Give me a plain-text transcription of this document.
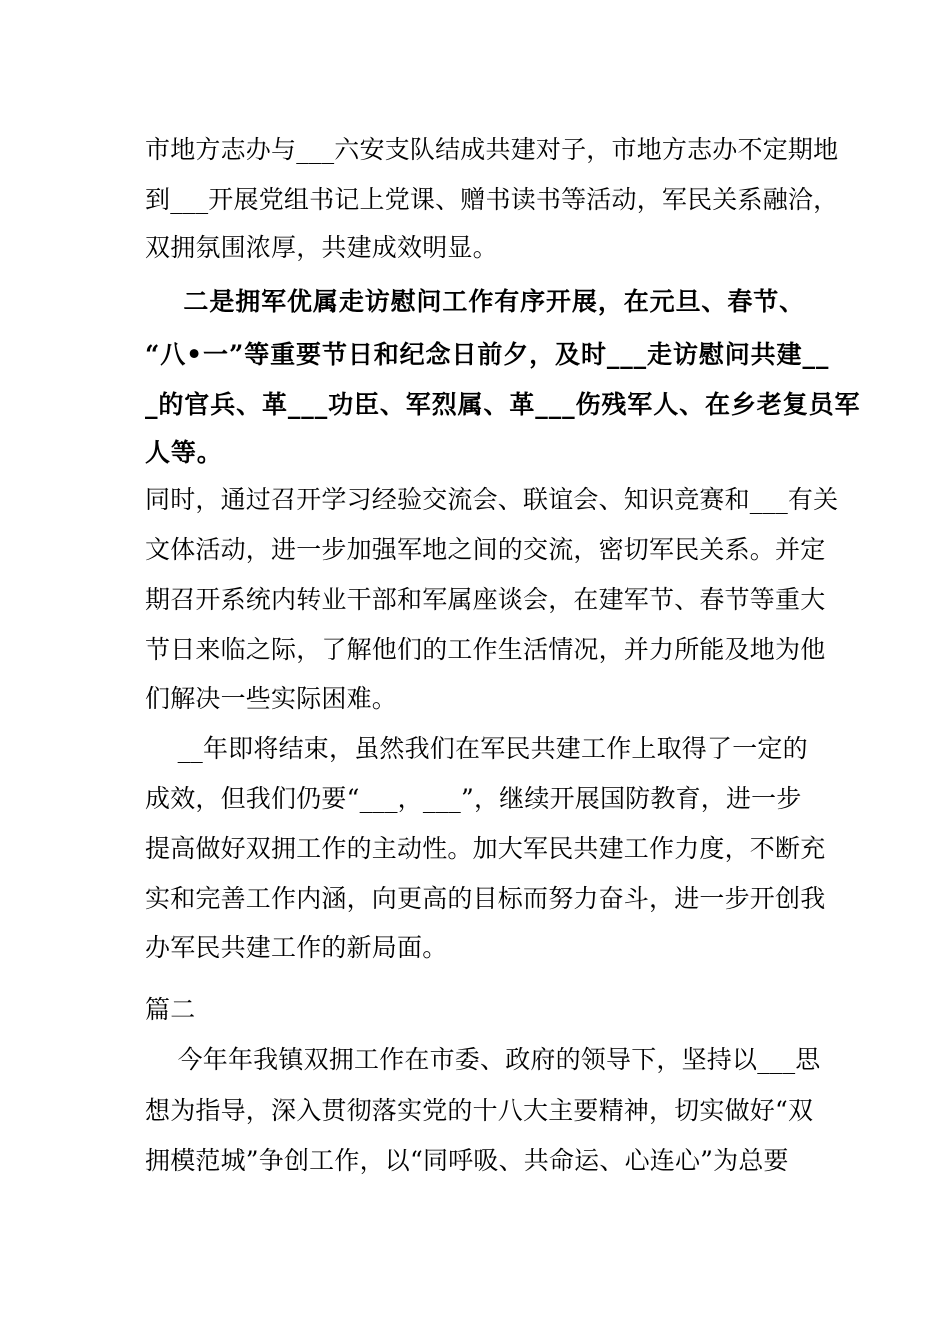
市地方志办与___六安支队结成共建对子，市地方志办不定期地
到___开展党组书记上党课、赠书读书等活动，军民关系融洽，
双拥氛围浓厚，共建成效明显。
二是拥军优属走访慰问工作有序开展，在元旦、春节、
“八•一”等重要节日和纪念日前夕，及时___走访慰问共建__
_的官兵、革___功臣、军烈属、革___伤残军人、在乡老复员军
人等。
同时，通过召开学习经验交流会、联谊会、知识竞赛和___有关
文体活动，进一步加强军地之间的交流，密切军民关系。并定
期召开系统内转业干部和军属座谈会，在建军节、春节等重大
节日来临之际，了解他们的工作生活情况，并力所能及地为他
们解决一些实际困难。
__年即将结束，虽然我们在军民共建工作上取得了一定的
成效，但我们仍要“___，___”，继续开展国防教育，进一步
提高做好双拥工作的主动性。加大军民共建工作力度，不断充
实和完善工作内涵，向更高的目标而努力奋斗，进一步开创我
办军民共建工作的新局面。
篇二
今年年我镇双拥工作在市委、政府的领导下，坚持以___思
想为指导，深入贯彻落实党的十八大主要精神，切实做好“双
拥模范城”争创工作，以“同呼吸、共命运、心连心”为总要
